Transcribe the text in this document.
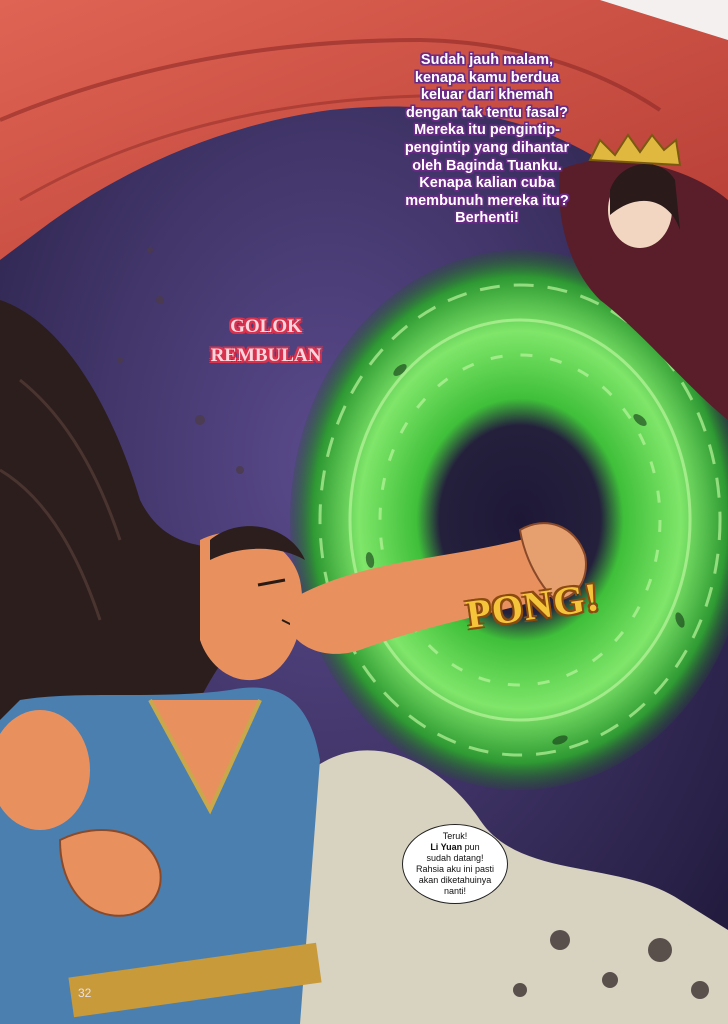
Sudah jauh malam,
kenapa kamu berdua
keluar dari khemah
dengan tak tentu fasal?
Mereka itu pengintip-
pengintip yang dihantar
oleh Baginda Tuanku.
Kenapa kalian cuba
membunuh mereka itu?
Berhenti!
GOLOK
REMBULAN
PONG!
Teruk!
Li Yuan pun
sudah datang!
Rahsia aku ini pasti
akan diketahuinya
nanti!
32
